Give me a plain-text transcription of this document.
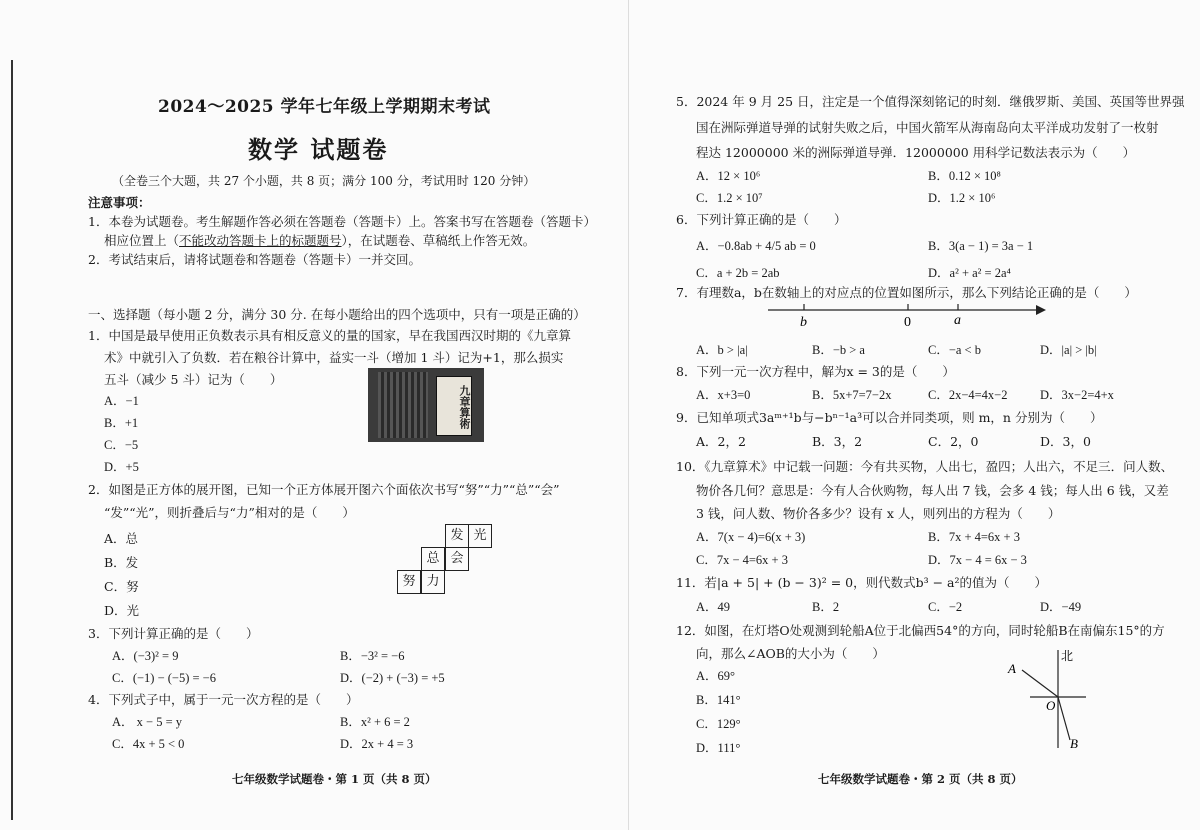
2024～2025 学年七年级上学期期末考试
数学 试题卷
（全卷三个大题，共 27 个小题，共 8 页；满分 100 分，考试用时 120 分钟）
注意事项：
1．本卷为试题卷。考生解题作答必须在答题卷（答题卡）上。答案书写在答题卷（答题卡）
相应位置上（不能改动答题卡上的标题题号），在试题卷、草稿纸上作答无效。
2．考试结束后，请将试题卷和答题卷（答题卡）一并交回。
一、选择题（每小题 2 分，满分 30 分. 在每小题给出的四个选项中，只有一项是正确的）
1．中国是最早使用正负数表示具有相反意义的量的国家，早在我国西汉时期的《九章算
术》中就引入了负数．若在粮谷计算中，益实一斗（增加 1 斗）记为+1，那么损实
五斗（减少 5 斗）记为（　　）
A．−1
B．+1
C．−5
D．+5
九章算術
2．如图是正方体的展开图，已知一个正方体展开图六个面依次书写“努”“力”“总”“会”
“发”“光”，则折叠后与“力”相对的是（　　）
A．总
B．发
C．努
D．光
发 光
总 会
努 力
3．下列计算正确的是（　　）
A．(−3)² = 9	B．−3² = −6
C．(−1) − (−5) = −6	D．(−2) + (−3) = +5
4．下列式子中，属于一元一次方程的是（　　）
A． x − 5 = y	B．x² + 6 = 2
C．4x + 5 < 0	D．2x + 4 = 3
七年级数学试题卷・第 1 页（共 8 页）
5．2024 年 9 月 25 日，注定是一个值得深刻铭记的时刻．继俄罗斯、美国、英国等世界强
国在洲际弹道导弹的试射失败之后，中国火箭军从海南岛向太平洋成功发射了一枚射
程达 12000000 米的洲际弹道导弹．12000000 用科学记数法表示为（　　）
A．12 × 10⁶	B．0.12 × 10⁸
C．1.2 × 10⁷	D．1.2 × 10⁶
6．下列计算正确的是（　　）
A．−0.8ab + 4/5 ab = 0	B．3(a − 1) = 3a − 1
C．a + 2b = 2ab	D．a² + a² = 2a⁴
7．有理数a，b在数轴上的对应点的位置如图所示，那么下列结论正确的是（　　）
b	0	a
A．b > |a|	B．−b > a	C．−a < b	D．|a| > |b|
8．下列一元一次方程中，解为x = 3的是（　　）
A．x+3=0	B．5x+7=7−2x	C．2x−4=4x−2	D．3x−2=4+x
9．已知单项式3aᵐ⁺¹b与−bⁿ⁻¹a³可以合并同类项，则 m，n 分别为（　　）
A．2，2	B．3，2	C．2，0	D．3，0
10．《九章算术》中记载一问题：今有共买物，人出七，盈四；人出六，不足三．问人数、
物价各几何？意思是：今有人合伙购物，每人出 7 钱，会多 4 钱；每人出 6 钱，又差
3 钱，问人数、物价各多少？设有 x 人，则列出的方程为（　　）
A．7(x − 4)=6(x + 3)	B．7x + 4=6x + 3
C．7x − 4=6x + 3	D．7x − 4 = 6x − 3
11．若|a + 5| + (b − 3)² = 0，则代数式b³ − a²的值为（　　）
A．49	B．2	C．−2	D．−49
12．如图，在灯塔O处观测到轮船A位于北偏西54°的方向，同时轮船B在南偏东15°的方
向，那么∠AOB的大小为（　　）
A．69°
B．141°
C．129°
D．111°
北
A
O
B
七年级数学试题卷・第 2 页（共 8 页）
